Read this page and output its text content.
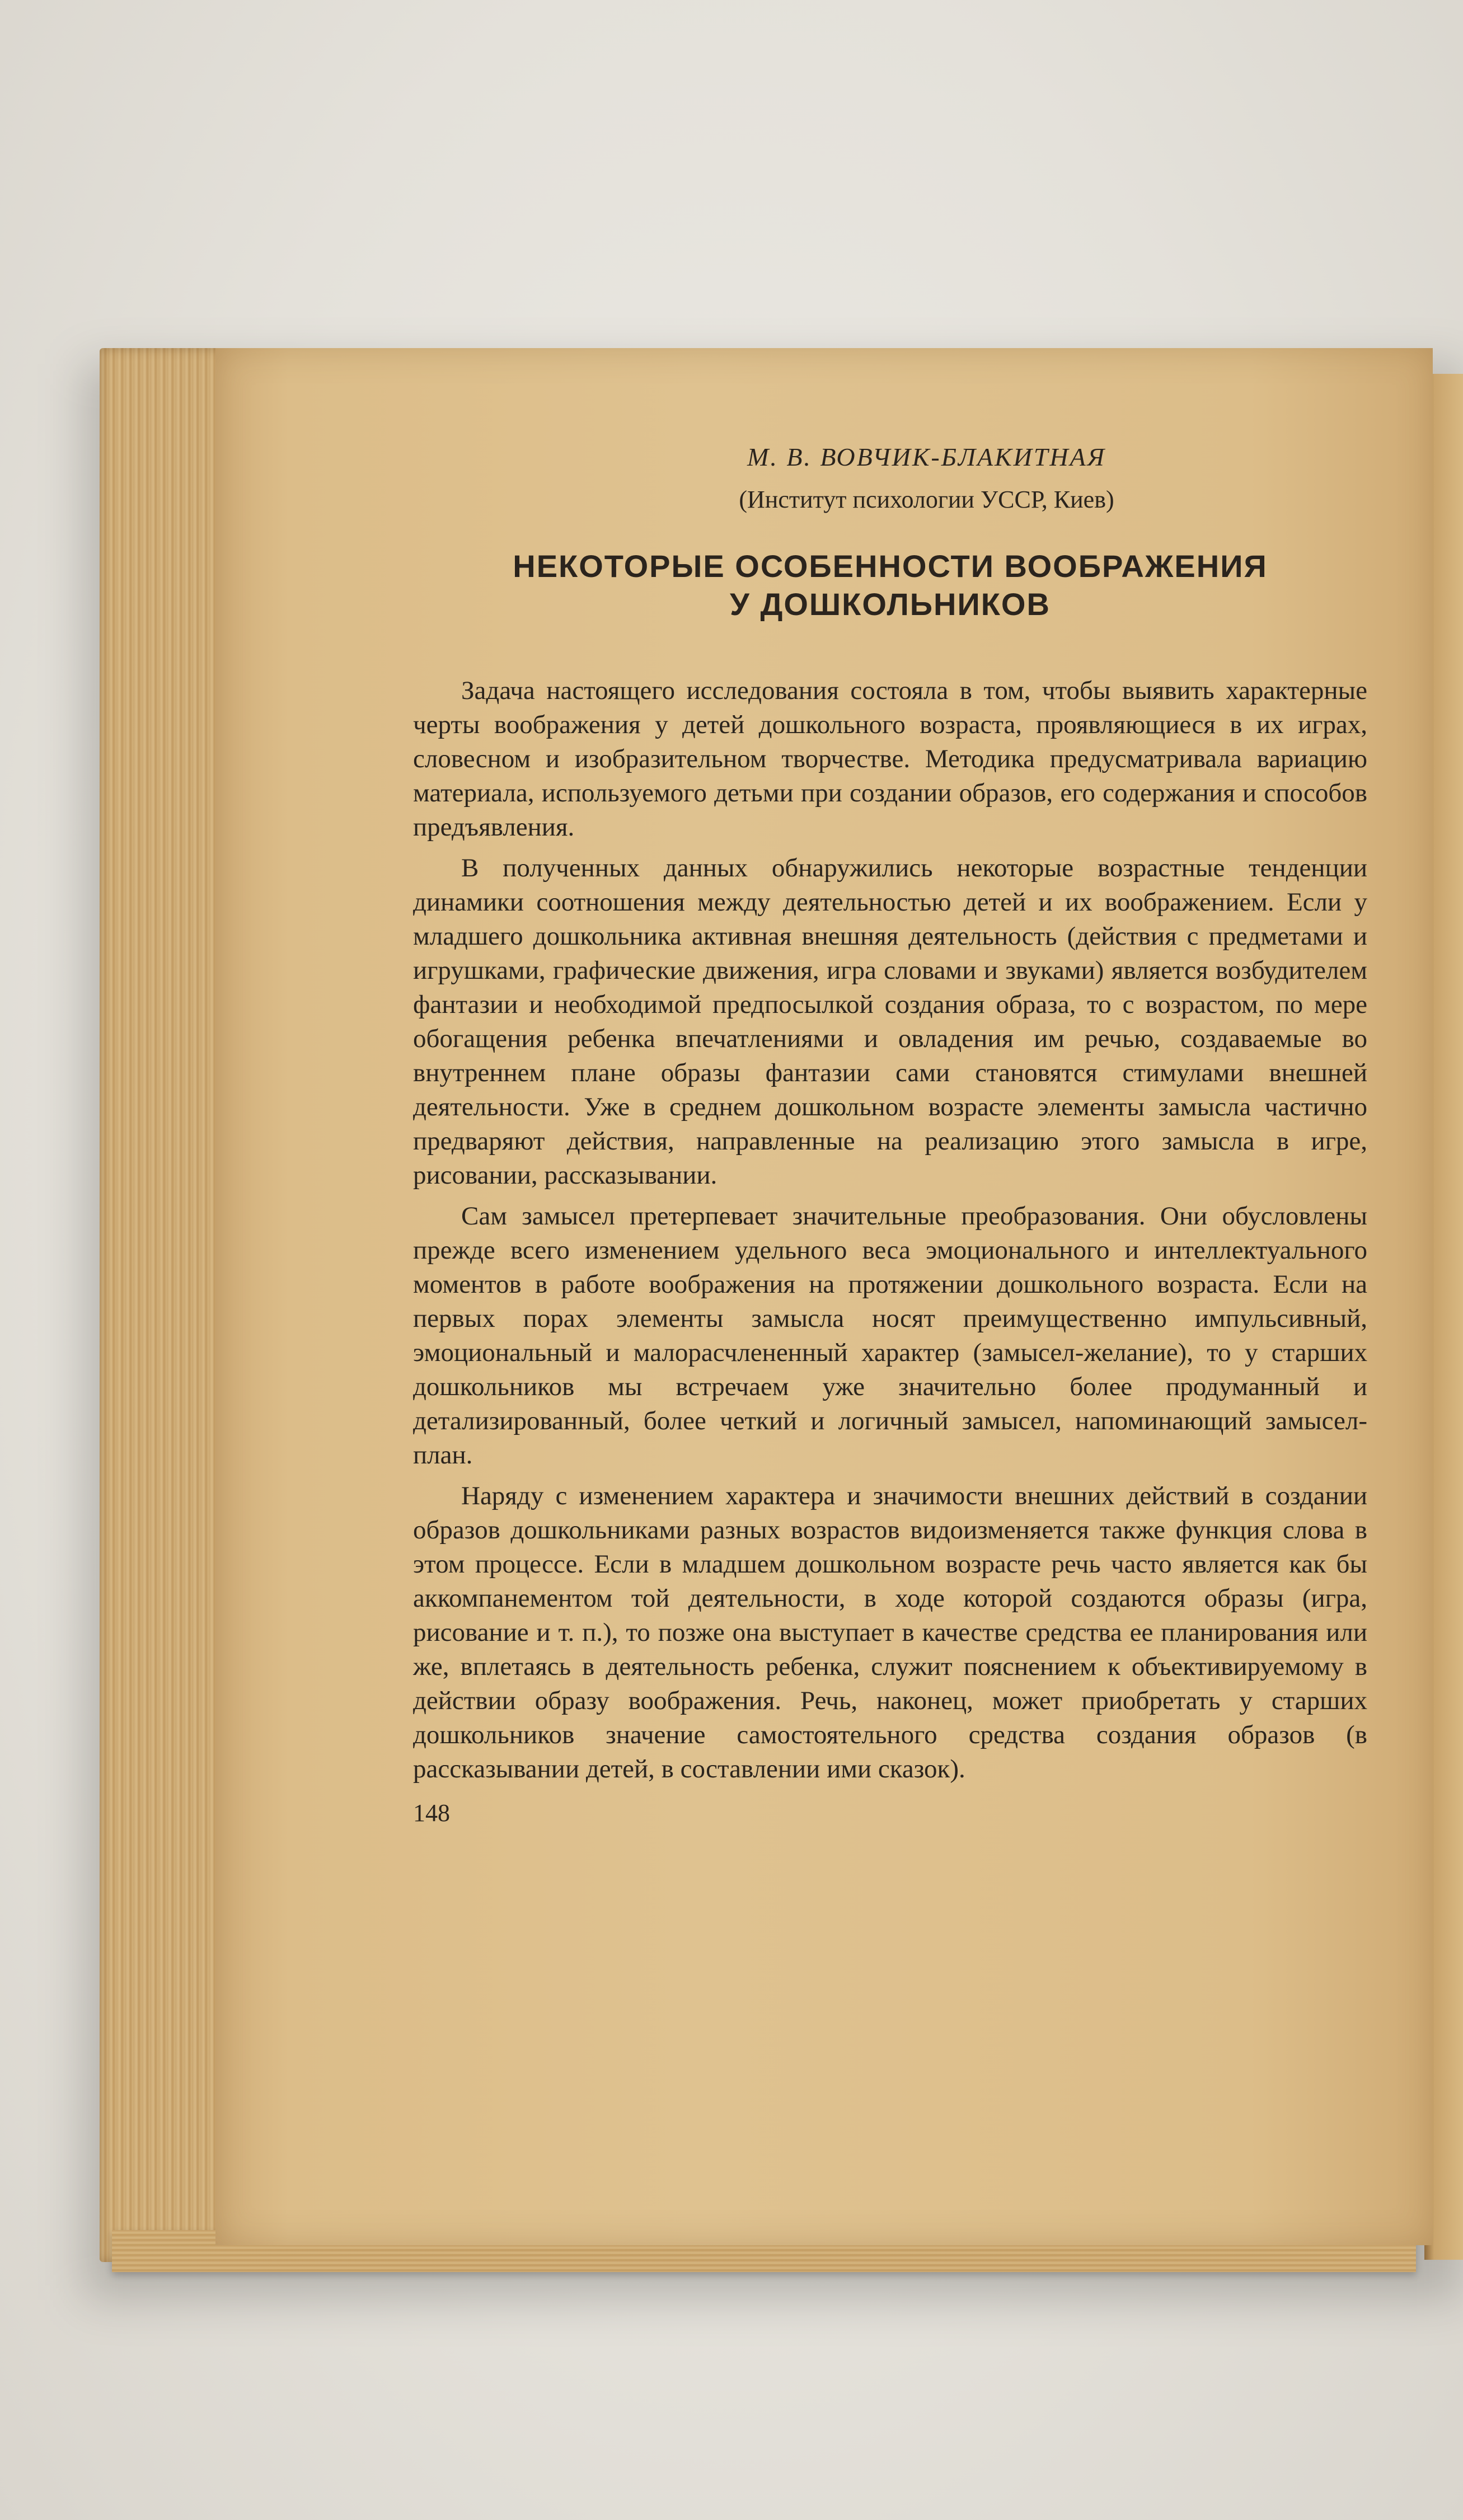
М. В. ВОВЧИК-БЛАКИТНАЯ
(Институт психологии УССР, Киев)
НЕКОТОРЫЕ ОСОБЕННОСТИ ВООБРАЖЕНИЯ
У ДОШКОЛЬНИКОВ

Задача настоящего исследования состояла в том, чтобы выявить характерные черты воображения у детей дошкольного возраста, проявляющиеся в их играх, словесном и изобразительном творчестве. Методика предусматривала вариацию материала, используемого детьми при создании образов, его содержания и способов предъявления.

В полученных данных обнаружились некоторые возрастные тенденции динамики соотношения между деятельностью детей и их воображением. Если у младшего дошкольника активная внешняя деятельность (действия с предметами и игрушками, графические движения, игра словами и звуками) является возбудителем фантазии и необходимой предпосылкой создания образа, то с возрастом, по мере обогащения ребенка впечатлениями и овладения им речью, создаваемые во внутреннем плане образы фантазии сами становятся стимулами внешней деятельности. Уже в среднем дошкольном возрасте элементы замысла частично предваряют действия, направленные на реализацию этого замысла в игре, рисовании, рассказывании.

Сам замысел претерпевает значительные преобразования. Они обусловлены прежде всего изменением удельного веса эмоционального и интеллектуального моментов в работе воображения на протяжении дошкольного возраста. Если на первых порах элементы замысла носят преимущественно импульсивный, эмоциональный и малорасчлененный характер (замысел-желание), то у старших дошкольников мы встречаем уже значительно более продуманный и детализированный, более четкий и логичный замысел, напоминающий замысел-план.

Наряду с изменением характера и значимости внешних действий в создании образов дошкольниками разных возрастов видоизменяется также функция слова в этом процессе. Если в младшем дошкольном возрасте речь часто является как бы аккомпанементом той деятельности, в ходе которой создаются образы (игра, рисование и т. п.), то позже она выступает в качестве средства ее планирования или же, вплетаясь в деятельность ребенка, служит пояснением к объективируемому в действии образу воображения. Речь, наконец, может приобретать у старших дошкольников значение самостоятельного средства создания образов (в рассказывании детей, в составлении ими сказок).

148
